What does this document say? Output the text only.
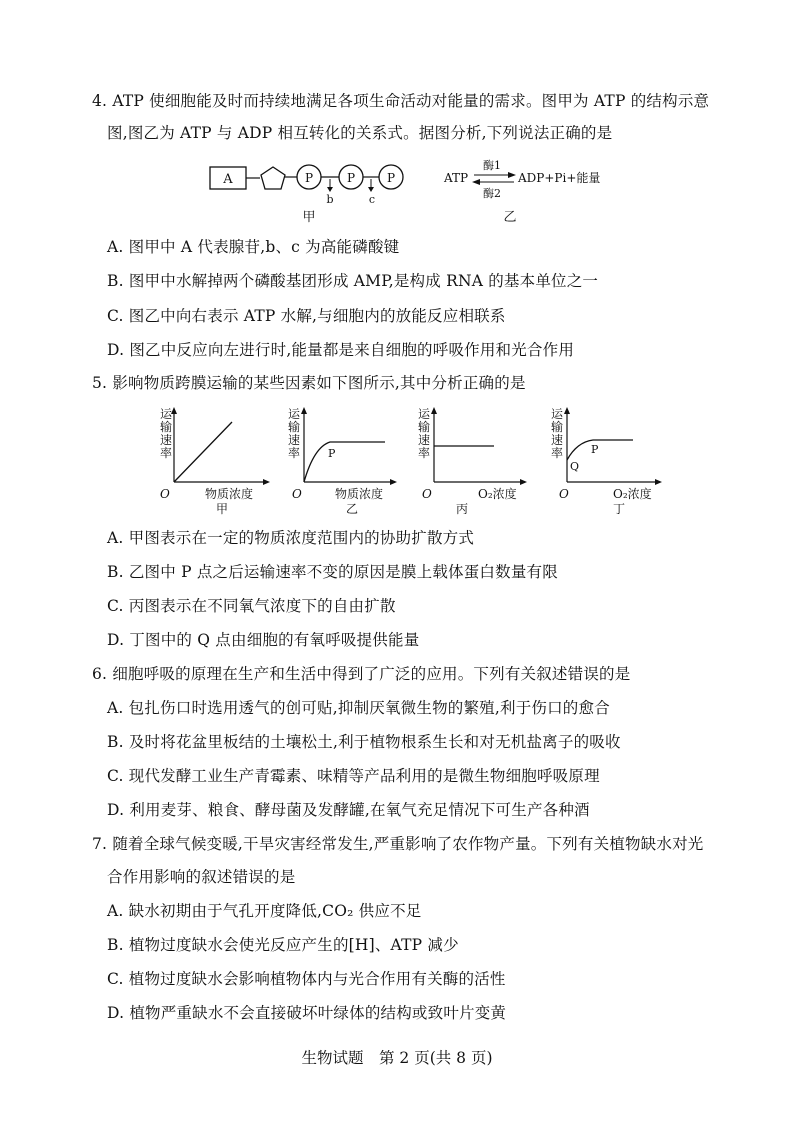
4. ATP 使细胞能及时而持续地满足各项生命活动对能量的需求。图甲为 ATP 的结构示意
图,图乙为 ATP 与 ADP 相互转化的关系式。据图分析,下列说法正确的是
A	P	P	P
b	c
甲
ATP
酶1
酶2
ADP+Pi+能量
乙
A. 图甲中 A 代表腺苷,b、c 为高能磷酸键
B. 图甲中水解掉两个磷酸基团形成 AMP,是构成 RNA 的基本单位之一
C. 图乙中向右表示 ATP 水解,与细胞内的放能反应相联系
D. 图乙中反应向左进行时,能量都是来自细胞的呼吸作用和光合作用
5. 影响物质跨膜运输的某些因素如下图所示,其中分析正确的是
运
输
速
率
O	物质浓度
甲
运
输
速
率	P
O	物质浓度
乙
运
输
速
率
O	O₂浓度
丙
运
输
速
率
Q
P
O	O₂浓度
丁
A. 甲图表示在一定的物质浓度范围内的协助扩散方式
B. 乙图中 P 点之后运输速率不变的原因是膜上载体蛋白数量有限
C. 丙图表示在不同氧气浓度下的自由扩散
D. 丁图中的 Q 点由细胞的有氧呼吸提供能量
6. 细胞呼吸的原理在生产和生活中得到了广泛的应用。下列有关叙述错误的是
A. 包扎伤口时选用透气的创可贴,抑制厌氧微生物的繁殖,利于伤口的愈合
B. 及时将花盆里板结的土壤松土,利于植物根系生长和对无机盐离子的吸收
C. 现代发酵工业生产青霉素、味精等产品利用的是微生物细胞呼吸原理
D. 利用麦芽、粮食、酵母菌及发酵罐,在氧气充足情况下可生产各种酒
7. 随着全球气候变暖,干旱灾害经常发生,严重影响了农作物产量。下列有关植物缺水对光
合作用影响的叙述错误的是
A. 缺水初期由于气孔开度降低,CO₂ 供应不足
B. 植物过度缺水会使光反应产生的[H]、ATP 减少
C. 植物过度缺水会影响植物体内与光合作用有关酶的活性
D. 植物严重缺水不会直接破坏叶绿体的结构或致叶片变黄
生物试题　第 2 页(共 8 页)
